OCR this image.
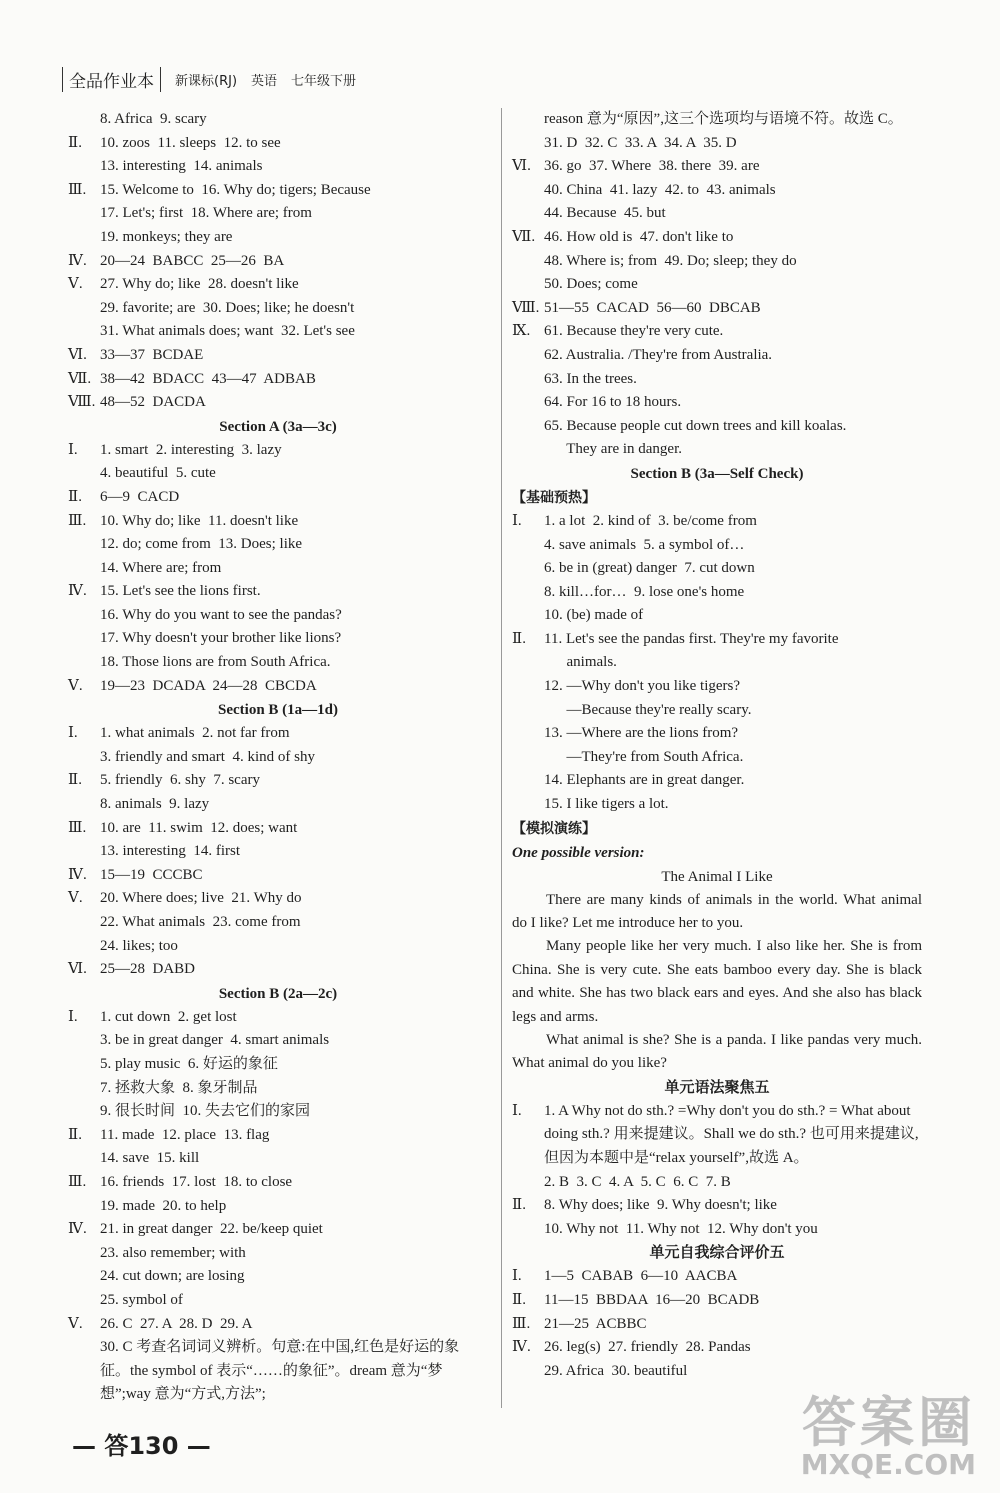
全品作业本	新课标(RJ) 英语 七年级下册
8. Africa  9. scary
Ⅱ.	10. zoos  11. sleeps  12. to see
13. interesting  14. animals
Ⅲ. 15. Welcome to  16. Why do; tigers; Because
17. Let's; first  18. Where are; from
19. monkeys; they are
Ⅳ. 20—24  BABCC  25—26  BA
Ⅴ.	27. Why do; like  28. doesn't like
29. favorite; are  30. Does; like; he doesn't
31. What animals does; want  32. Let's see
Ⅵ. 33—37  BCDAE
Ⅶ. 38—42  BDACC  43—47  ADBAB
Ⅷ. 48—52  DACDA
Section A (3a—3c)
Ⅰ.	1. smart  2. interesting  3. lazy
4. beautiful  5. cute
Ⅱ.	6—9  CACD
Ⅲ. 10. Why do; like  11. doesn't like
12. do; come from  13. Does; like
14. Where are; from
Ⅳ. 15. Let's see the lions first.
16. Why do you want to see the pandas?
17. Why doesn't your brother like lions?
18. Those lions are from South Africa.
Ⅴ.	19—23  DCADA  24—28  CBCDA
Section B (1a—1d)
Ⅰ.	1. what animals  2. not far from
3. friendly and smart  4. kind of shy
Ⅱ.	5. friendly  6. shy  7. scary
8. animals  9. lazy
Ⅲ. 10. are  11. swim  12. does; want
13. interesting  14. first
Ⅳ. 15—19  CCCBC
Ⅴ.	20. Where does; live  21. Why do
22. What animals  23. come from
24. likes; too
Ⅵ. 25—28  DABD
Section B (2a—2c)
Ⅰ.	1. cut down  2. get lost
3. be in great danger  4. smart animals
5. play music  6. 好运的象征
7. 拯救大象  8. 象牙制品
9. 很长时间  10. 失去它们的家园
Ⅱ.	11. made  12. place  13. flag
14. save  15. kill
Ⅲ. 16. friends  17. lost  18. to close
19. made  20. to help
Ⅳ. 21. in great danger  22. be/keep quiet
23. also remember; with
24. cut down; are losing
25. symbol of
Ⅴ.	26. C  27. A  28. D  29. A
30. C 考查名词词义辨析。句意:在中国,红色是好运的象征。the symbol of 表示“……的象征”。dream 意为“梦想”;way 意为“方式,方法”;
reason 意为“原因”,这三个选项均与语境不符。故选 C。
31. D  32. C  33. A  34. A  35. D
Ⅵ. 36. go  37. Where  38. there  39. are
40. China  41. lazy  42. to  43. animals
44. Because  45. but
Ⅶ. 46. How old is  47. don't like to
48. Where is; from  49. Do; sleep; they do
50. Does; come
Ⅷ. 51—55  CACAD  56—60  DBCAB
Ⅸ. 61. Because they're very cute.
62. Australia. /They're from Australia.
63. In the trees.
64. For 16 to 18 hours.
65. Because people cut down trees and kill koalas.
They are in danger.
Section B (3a—Self Check)
【基础预热】
Ⅰ.	1. a lot  2. kind of  3. be/come from
4. save animals  5. a symbol of…
6. be in (great) danger  7. cut down
8. kill…for…  9. lose one's home
10. (be) made of
Ⅱ.	11. Let's see the pandas first. They're my favorite
animals.
12. —Why don't you like tigers?
—Because they're really scary.
13. —Where are the lions from?
—They're from South Africa.
14. Elephants are in great danger.
15. I like tigers a lot.
【模拟演练】
One possible version:
The Animal I Like
There are many kinds of animals in the world. What animal do I like? Let me introduce her to you.
Many people like her very much. I also like her. She is from China. She is very cute. She eats bamboo every day. She is black and white. She has two black ears and eyes. And she also has black legs and arms.
What animal is she? She is a panda. I like pandas very much. What animal do you like?
单元语法聚焦五
Ⅰ.	1. A Why not do sth.? =Why don't you do sth.? = What about doing sth.? 用来提建议。Shall we do sth.? 也可用来提建议,但因为本题中是“relax yourself”,故选 A。
2. B  3. C  4. A  5. C  6. C  7. B
Ⅱ.	8. Why does; like  9. Why doesn't; like
10. Why not  11. Why not  12. Why don't you
单元自我综合评价五
Ⅰ.	1—5  CABAB  6—10  AACBA
Ⅱ.	11—15  BBDAA  16—20  BCADB
Ⅲ. 21—25  ACBBC
Ⅳ. 26. leg(s)  27. friendly  28. Pandas
29. Africa  30. beautiful
— 答130 —	答案圈
MXQE.COM
